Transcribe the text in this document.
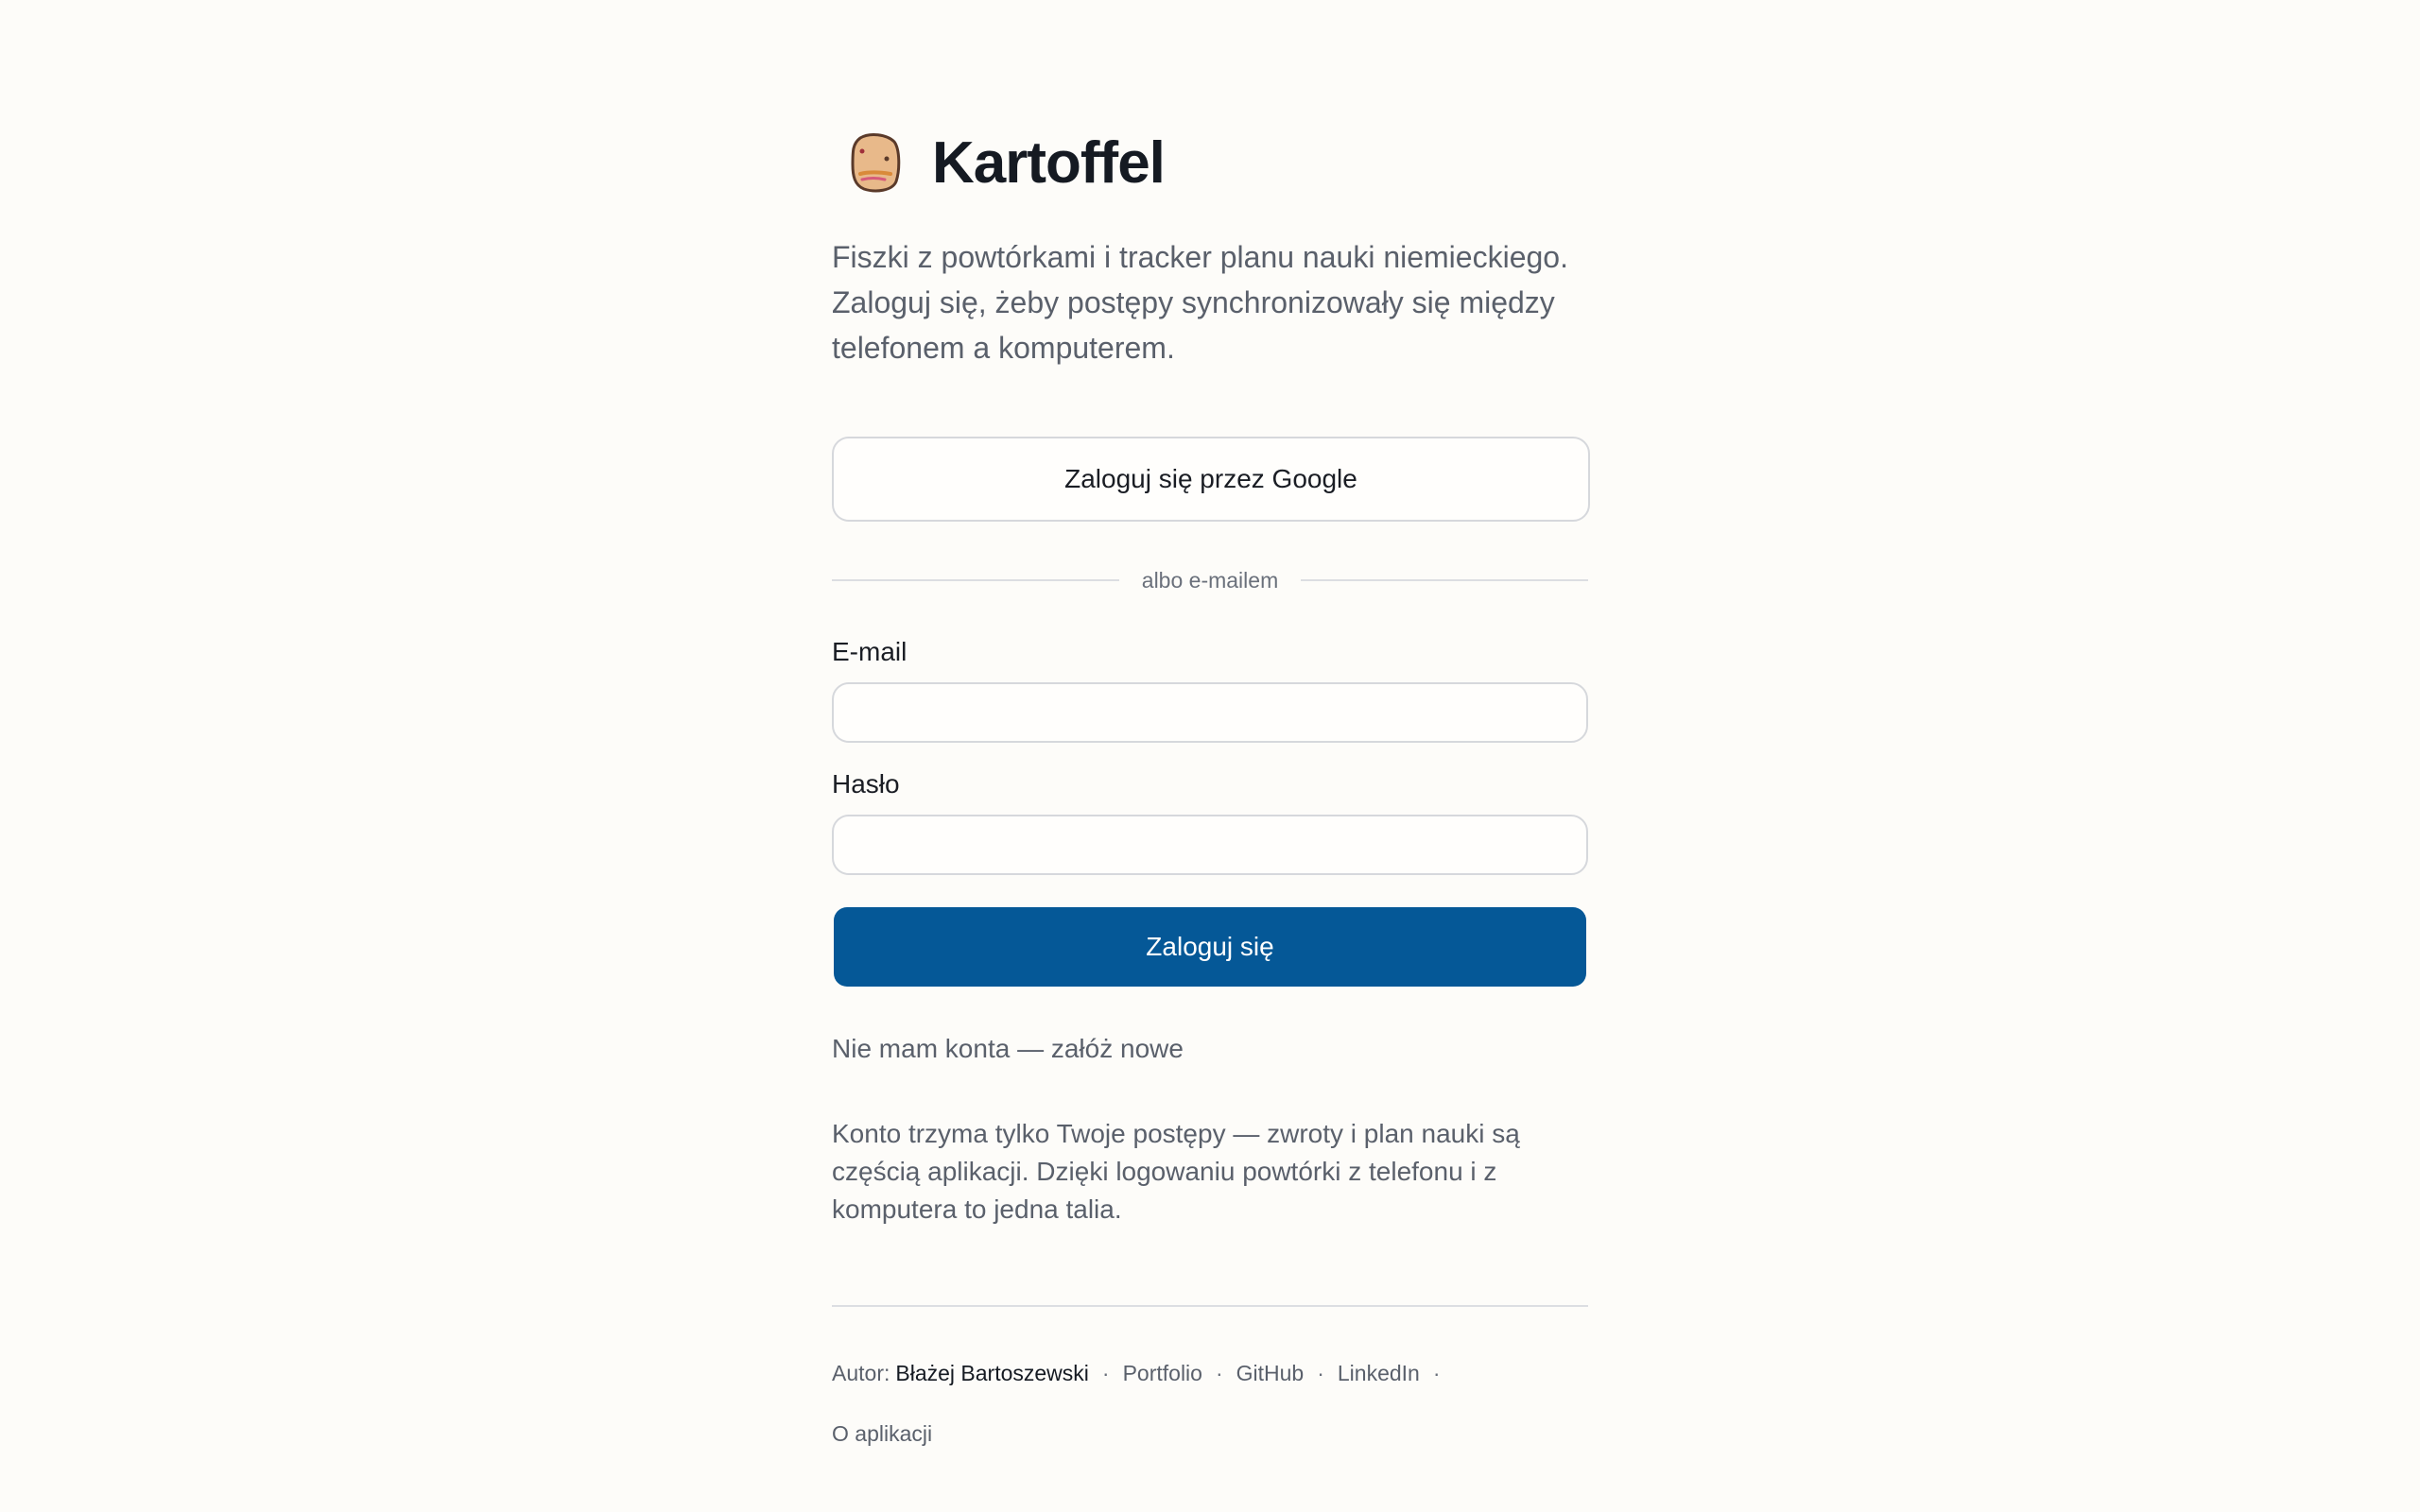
Kartoffel
Fiszki z powtórkami i tracker planu nauki niemieckiego. Zaloguj się, żeby postępy synchronizowały się między telefonem a komputerem.
Zaloguj się przez Google
albo e-mailem
E-mail
Hasło
Zaloguj się
Nie mam konta — załóż nowe
Konto trzyma tylko Twoje postępy — zwroty i plan nauki są częścią aplikacji. Dzięki logowaniu powtórki z telefonu i z komputera to jedna talia.
Autor: Błażej Bartoszewski · Portfolio · GitHub · LinkedIn ·
O aplikacji
